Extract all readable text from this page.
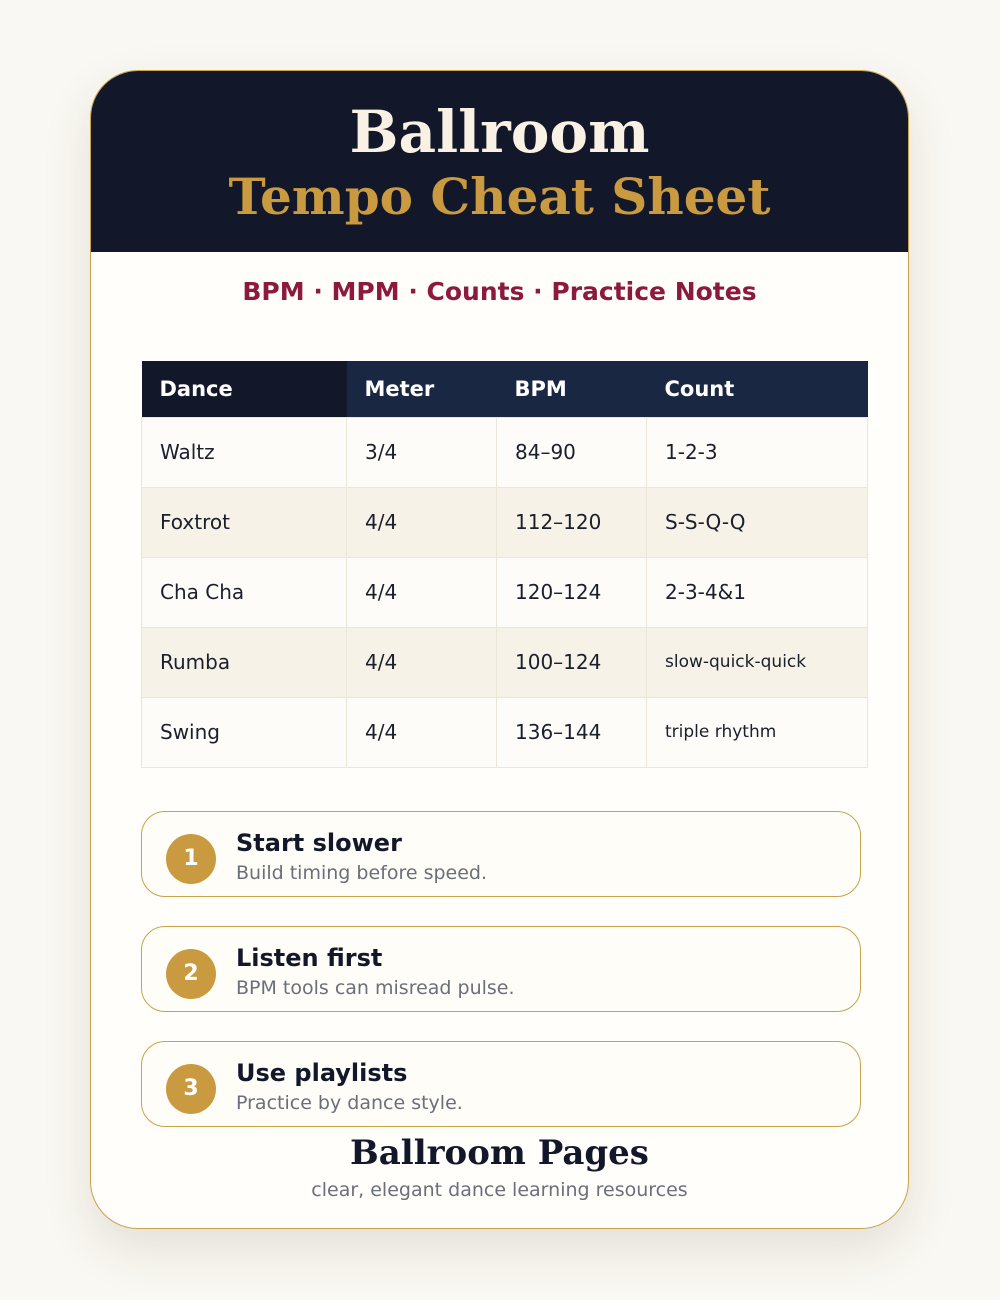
Ballroom
Tempo Cheat Sheet
BPM · MPM · Counts · Practice Notes
Dance	Meter	BPM	Count
Waltz	3/4	84–90	1-2-3
Foxtrot	4/4	112–120	S-S-Q-Q
Cha Cha	4/4	120–124	2-3-4&1
Rumba	4/4	100–124	slow-quick-quick
Swing	4/4	136–144	triple rhythm
1
Start slower
Build timing before speed.
2
Listen first
BPM tools can misread pulse.
3
Use playlists
Practice by dance style.
Ballroom Pages
clear, elegant dance learning resources
